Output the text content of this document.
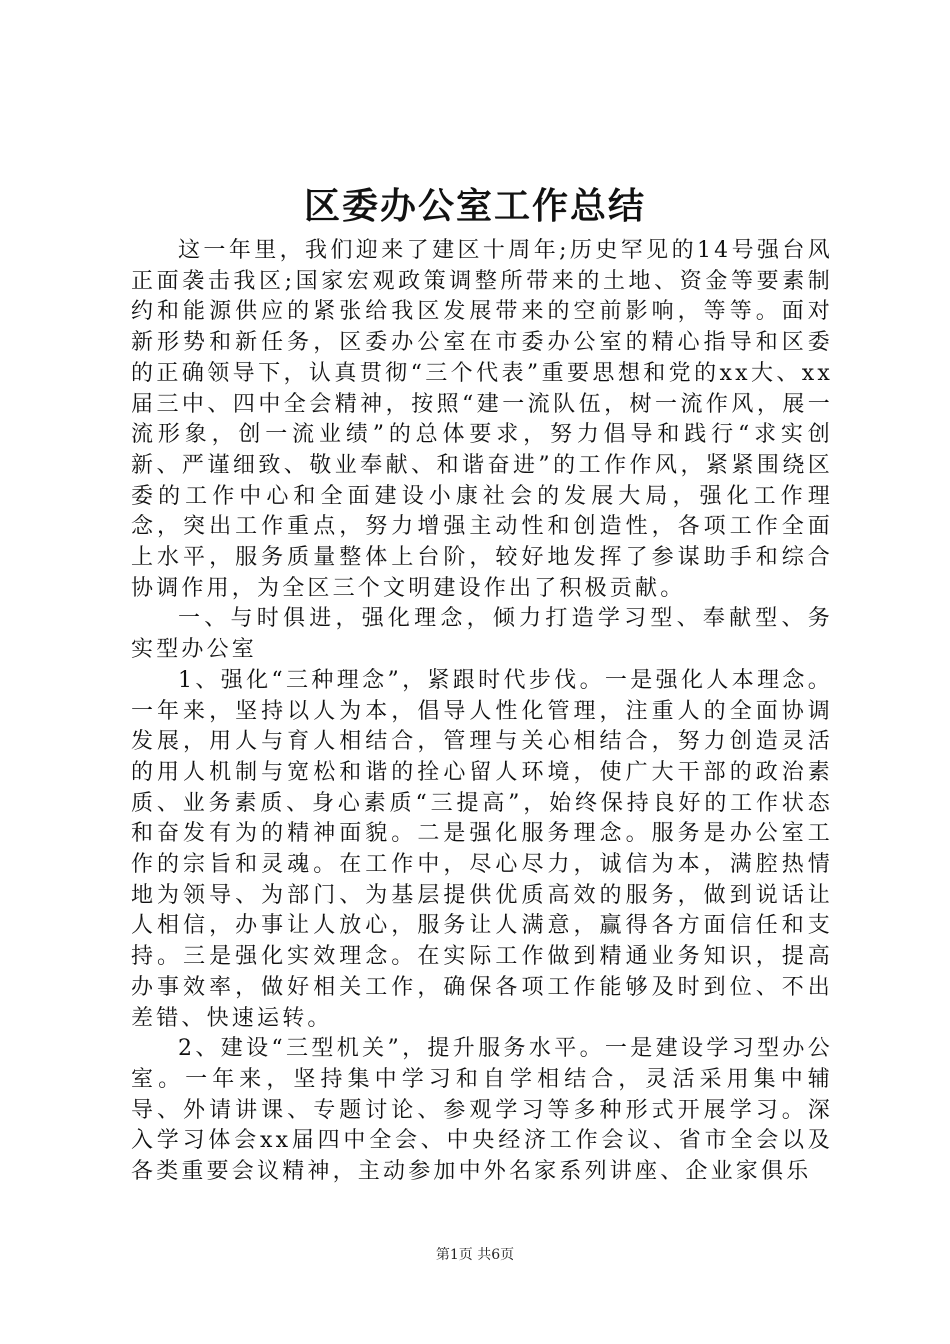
区委办公室工作总结

这一年里，我们迎来了建区十周年;历史罕见的14号强台风正面袭击我区;国家宏观政策调整所带来的土地、资金等要素制约和能源供应的紧张给我区发展带来的空前影响，等等。面对新形势和新任务，区委办公室在市委办公室的精心指导和区委的正确领导下，认真贯彻“三个代表”重要思想和党的xx大、xx届三中、四中全会精神，按照“建一流队伍，树一流作风，展一流形象，创一流业绩”的总体要求，努力倡导和践行“求实创新、严谨细致、敬业奉献、和谐奋进”的工作作风，紧紧围绕区委的工作中心和全面建设小康社会的发展大局，强化工作理念，突出工作重点，努力增强主动性和创造性，各项工作全面上水平，服务质量整体上台阶，较好地发挥了参谋助手和综合协调作用，为全区三个文明建设作出了积极贡献。

一、与时俱进，强化理念，倾力打造学习型、奉献型、务实型办公室

1、强化“三种理念”，紧跟时代步伐。一是强化人本理念。一年来，坚持以人为本，倡导人性化管理，注重人的全面协调发展，用人与育人相结合，管理与关心相结合，努力创造灵活的用人机制与宽松和谐的拴心留人环境，使广大干部的政治素质、业务素质、身心素质“三提高”，始终保持良好的工作状态和奋发有为的精神面貌。二是强化服务理念。服务是办公室工作的宗旨和灵魂。在工作中，尽心尽力，诚信为本，满腔热情地为领导、为部门、为基层提供优质高效的服务，做到说话让人相信，办事让人放心，服务让人满意，赢得各方面信任和支持。三是强化实效理念。在实际工作做到精通业务知识，提高办事效率，做好相关工作，确保各项工作能够及时到位、不出差错、快速运转。

2、建设“三型机关”，提升服务水平。一是建设学习型办公室。一年来，坚持集中学习和自学相结合，灵活采用集中辅导、外请讲课、专题讨论、参观学习等多种形式开展学习。深入学习体会xx届四中全会、中央经济工作会议、省市全会以及各类重要会议精神，主动参加中外名家系列讲座、企业家俱乐

第1页 共6页
